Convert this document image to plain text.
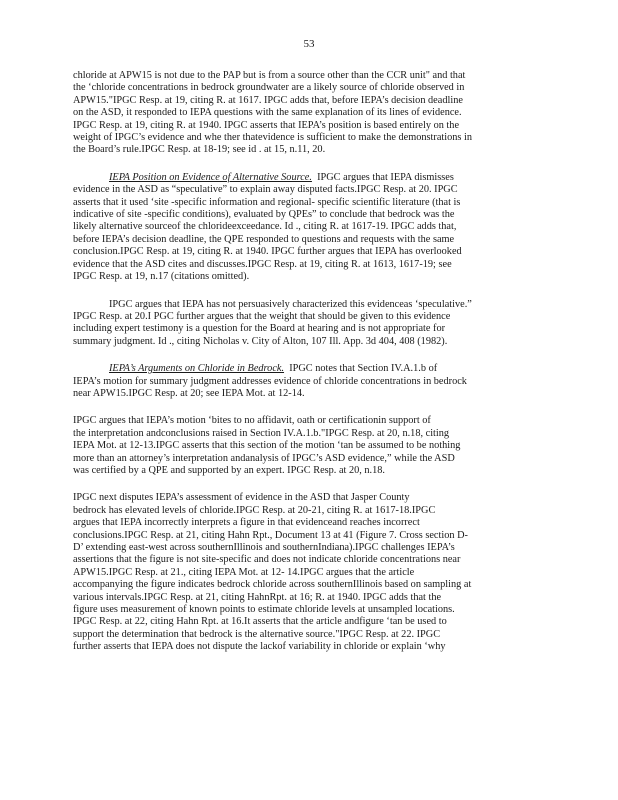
53

chloride at APW15 is not due to the PAP but is from a source other than the CCR unit" and that
the ‘chloride concentrations in bedrock groundwater are a likely source of chloride observed in
APW15."IPGC Resp. at 19, citing R. at 1617. IPGC adds that, before IEPA’s decision deadline
on the ASD, it responded to IEPA questions with the same explanation of its lines of evidence.
IPGC Resp. at 19, citing R. at 1940. IPGC asserts that IEPA’s position is based entirely on the
weight of IPGC’s evidence and whe ther thatevidence is sufficient to make the demonstrations in
the Board’s rule.IPGC Resp. at 18-19; see id . at 15, n.11, 20.

IEPA Position on Evidence of Alternative Source. IPGC argues that IEPA dismisses
evidence in the ASD as “speculative” to explain away disputed facts.IPGC Resp. at 20. IPGC
asserts that it used ‘site -specific information and regional- specific scientific literature (that is
indicative of site -specific conditions), evaluated by QPEs” to conclude that bedrock was the
likely alternative sourceof the chlorideexceedance. Id ., citing R. at 1617-19. IPGC adds that,
before IEPA’s decision deadline, the QPE responded to questions and requests with the same
conclusion.IPGC Resp. at 19, citing R. at 1940. IPGC further argues that IEPA has overlooked
evidence that the ASD cites and discusses.IPGC Resp. at 19, citing R. at 1613, 1617-19; see
IPGC Resp. at 19, n.17 (citations omitted).

IPGC argues that IEPA has not persuasively characterized this evidenceas ‘speculative.”
IPGC Resp. at 20.I PGC further argues that the weight that should be given to this evidence
including expert testimony is a question for the Board at hearing and is not appropriate for
summary judgment. Id ., citing Nicholas v. City of Alton, 107 Ill. App. 3d 404, 408 (1982).

IEPA’s Arguments on Chloride in Bedrock. IPGC notes that Section IV.A.1.b of
IEPA’s motion for summary judgment addresses evidence of chloride concentrations in bedrock
near APW15.IPGC Resp. at 20; see IEPA Mot. at 12-14.

IPGC argues that IEPA’s motion ‘bites to no affidavit, oath or certificationin support of
the interpretation andconclusions raised in Section IV.A.1.b."IPGC Resp. at 20, n.18, citing
IEPA Mot. at 12-13.IPGC asserts that this section of the motion ‘tan be assumed to be nothing
more than an attorney’s interpretation andanalysis of IPGC’s ASD evidence,” while the ASD
was certified by a QPE and supported by an expert. IPGC Resp. at 20, n.18.

IPGC next disputes IEPA’s assessment of evidence in the ASD that Jasper County
bedrock has elevated levels of chloride.IPGC Resp. at 20-21, citing R. at 1617-18.IPGC
argues that IEPA incorrectly interprets a figure in that evidenceand reaches incorrect
conclusions.IPGC Resp. at 21, citing Hahn Rpt., Document 13 at 41 (Figure 7. Cross section D-
D’ extending east-west across southernIllinois and southernIndiana).IPGC challenges IEPA’s
assertions that the figure is not site-specific and does not indicate chloride concentrations near
APW15.IPGC Resp. at 21., citing IEPA Mot. at 12- 14.IPGC argues that the article
accompanying the figure indicates bedrock chloride across southernIllinois based on sampling at
various intervals.IPGC Resp. at 21, citing HahnRpt. at 16; R. at 1940. IPGC adds that the
figure uses measurement of known points to estimate chloride levels at unsampled locations.
IPGC Resp. at 22, citing Hahn Rpt. at 16.It asserts that the article andfigure ‘tan be used to
support the determination that bedrock is the alternative source."IPGC Resp. at 22. IPGC
further asserts that IEPA does not dispute the lackof variability in chloride or explain ‘why
